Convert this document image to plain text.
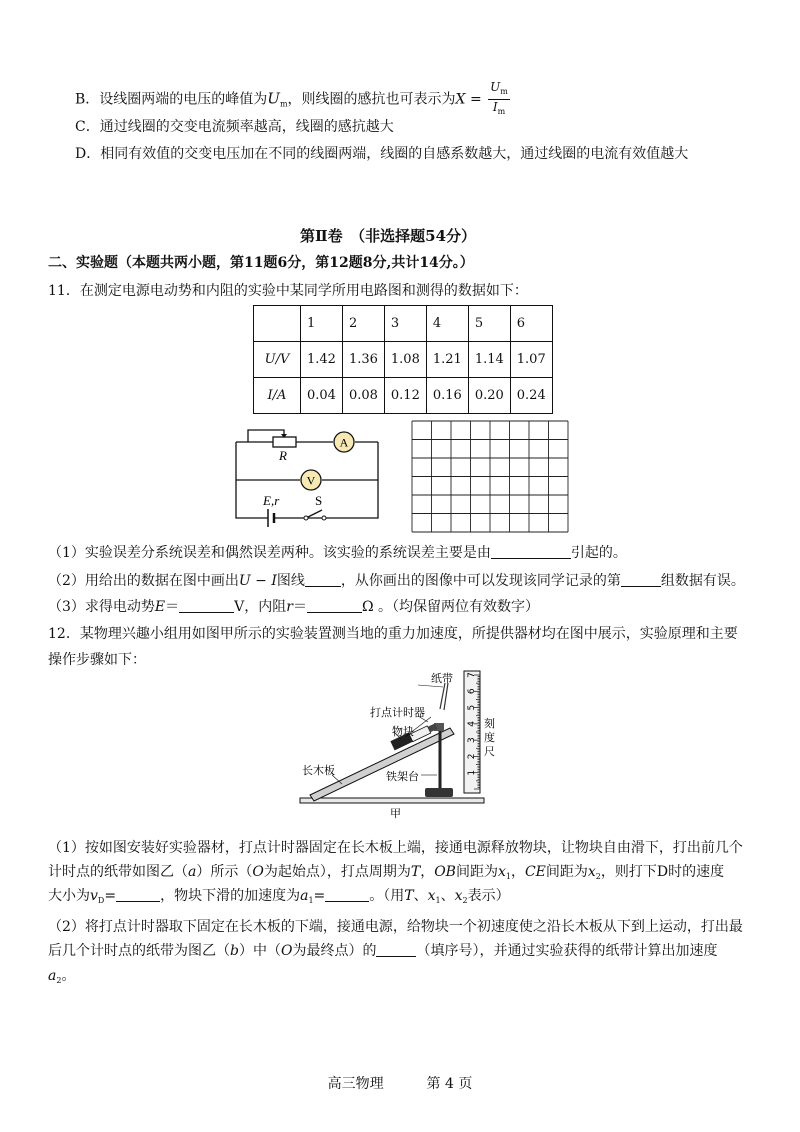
B．设线圈两端的电压的峰值为$U_m$，则线圈的感抗也可表示为$X = \frac{U_m}{I_m}$
C．通过线圈的交变电流频率越高，线圈的感抗越大
D．相同有效值的交变电压加在不同的线圈两端，线圈的自感系数越大，通过线圈的电流有效值越大
第Ⅱ卷　（非选择题54分）
二、实验题（本题共两小题，第11题6分，第12题8分,共计14分。）
11．在测定电源电动势和内阻的实验中某同学所用电路图和测得的数据如下：
	1	2	3	4	5	6
U/V	1.42	1.36	1.08	1.21	1.14	1.07
I/A	0.04	0.08	0.12	0.16	0.20	0.24
A
V
R
E,r	S
（1）实验误差分系统误差和偶然误差两种。该实验的系统误差主要是由	引起的。
（2）用给出的数据在图中画出U − I图线	，从你画出的图像中可以发现该同学记录的第	组数据有误。
（3）求得电动势E＝	V，内阻r＝	Ω 。（均保留两位有效数字）
12．某物理兴趣小组用如图甲所示的实验装置测当地的重力加速度，所提供器材均在图中展示，实验原理和主要
操作步骤如下：
纸带
打点计时器
物块
长木板	铁架台	1
2
3
4
5
6
7
刻
度
尺
甲
（1）按如图安装好实验器材，打点计时器固定在长木板上端，接通电源释放物块，让物块自由滑下，打出前几个
计时点的纸带如图乙（a）所示（O为起始点），打点周期为T，OB间距为$x_1$，CE间距为$x_2$，则打下D时的速度
大小为$v_D=$	，物块下滑的加速度为$a_1=$	。（用T、$x_1$、$x_2$表示）
（2）将打点计时器取下固定在长木板的下端，接通电源，给物块一个初速度使之沿长木板从下到上运动，打出最
后几个计时点的纸带为图乙（b）中（O为最终点）的	（填序号），并通过实验获得的纸带计算出加速度
$a_2$。
高三物理	第 4 页
